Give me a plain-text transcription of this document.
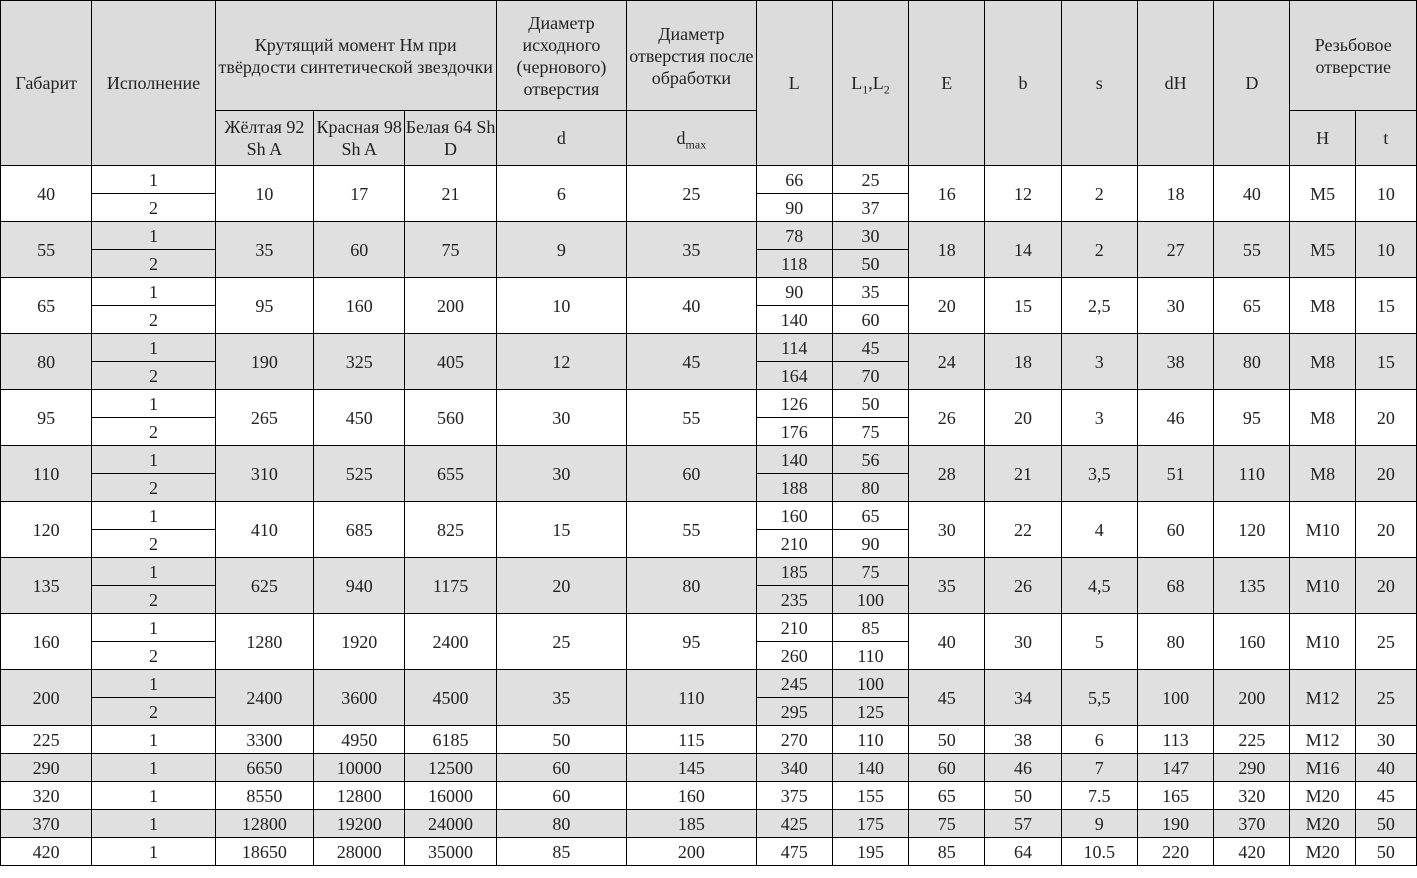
Габарит	Исполнение	Крутящий момент Нм при твёрдости синтетической звездочки			Диаметр исходного (чернового) отверстия	Диаметр отверстия после обработки	L	$L_1,L_2$	E	b	s	dH	D	Резьбовое отверстие	
		Жёлтая 92 Sh A	Красная 98 Sh A	Белая 64 Sh D	d	$d_{max}$								H	t
40	1	10	17	21	6	25	66	25	16	12	2	18	40	M5	10
	2						90	37							
55	1	35	60	75	9	35	78	30	18	14	2	27	55	M5	10
	2						118	50							
65	1	95	160	200	10	40	90	35	20	15	2,5	30	65	M8	15
	2						140	60							
80	1	190	325	405	12	45	114	45	24	18	3	38	80	M8	15
	2						164	70							
95	1	265	450	560	30	55	126	50	26	20	3	46	95	M8	20
	2						176	75							
110	1	310	525	655	30	60	140	56	28	21	3,5	51	110	M8	20
	2						188	80							
120	1	410	685	825	15	55	160	65	30	22	4	60	120	M10	20
	2						210	90							
135	1	625	940	1175	20	80	185	75	35	26	4,5	68	135	M10	20
	2						235	100							
160	1	1280	1920	2400	25	95	210	85	40	30	5	80	160	M10	25
	2						260	110							
200	1	2400	3600	4500	35	110	245	100	45	34	5,5	100	200	M12	25
	2						295	125							
225	1	3300	4950	6185	50	115	270	110	50	38	6	113	225	M12	30
290	1	6650	10000	12500	60	145	340	140	60	46	7	147	290	M16	40
320	1	8550	12800	16000	60	160	375	155	65	50	7.5	165	320	M20	45
370	1	12800	19200	24000	80	185	425	175	75	57	9	190	370	M20	50
420	1	18650	28000	35000	85	200	475	195	85	64	10.5	220	420	M20	50
